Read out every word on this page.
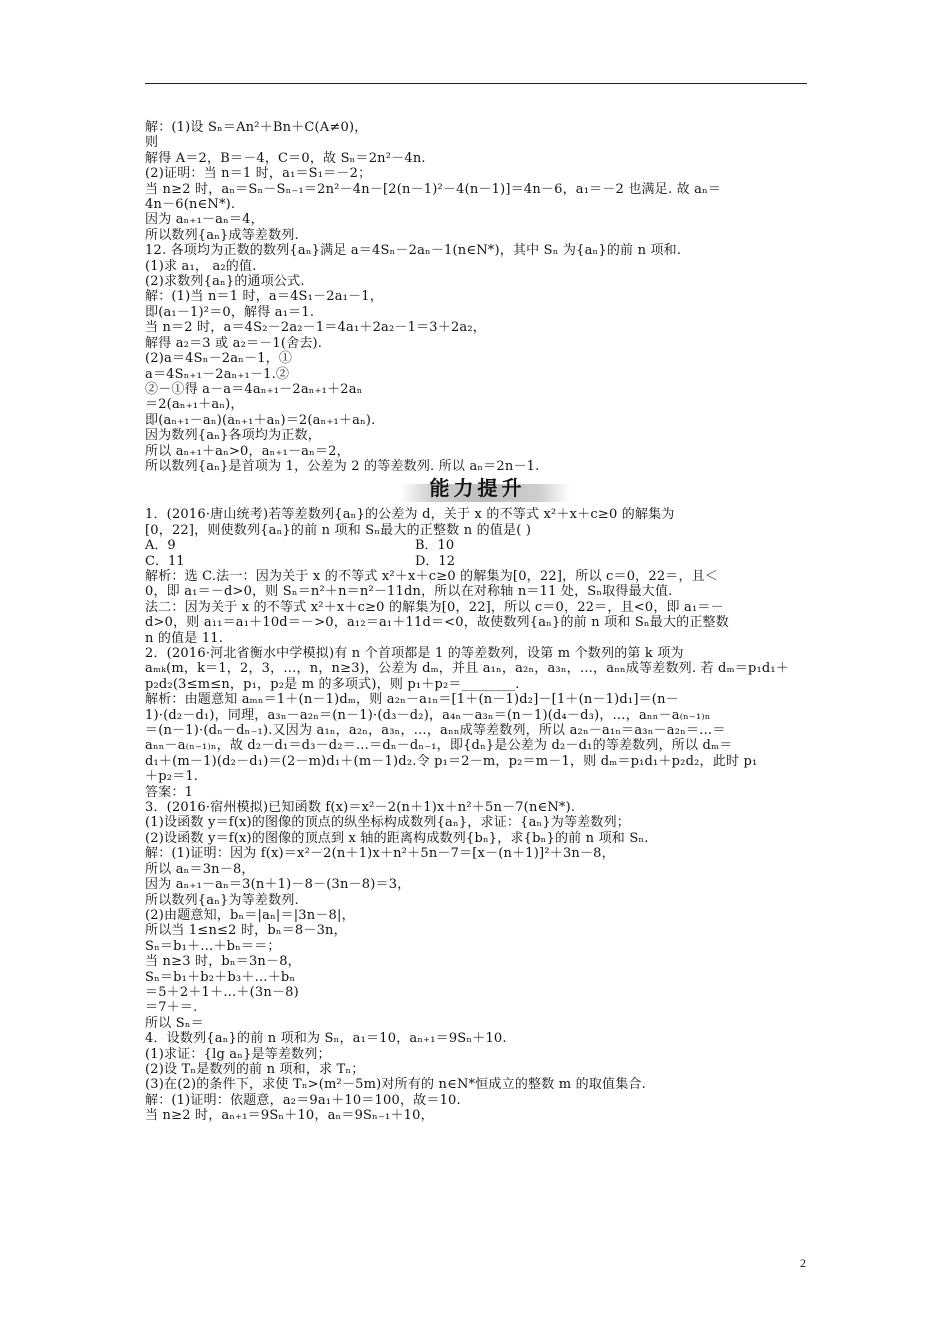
解：(1)设 Sₙ＝An²＋Bn＋C(A≠0)，
则
解得 A＝2，B＝－4，C＝0，故 Sₙ＝2n²－4n.
(2)证明：当 n＝1 时，a₁＝S₁＝－2；
当 n≥2 时，aₙ＝Sₙ－Sₙ₋₁＝2n²－4n－[2(n－1)²－4(n－1)]＝4n－6，a₁＝－2 也满足. 故 aₙ＝
4n－6(n∈N*).
因为 aₙ₊₁－aₙ＝4，
所以数列{aₙ}成等差数列.
12. 各项均为正数的数列{aₙ}满足 a＝4Sₙ－2aₙ－1(n∈N*)，其中 Sₙ 为{aₙ}的前 n 项和.
(1)求 a₁， a₂的值.
(2)求数列{aₙ}的通项公式.
解：(1)当 n＝1 时，a＝4S₁－2a₁－1，
即(a₁－1)²＝0，解得 a₁＝1.
当 n＝2 时，a＝4S₂－2a₂－1＝4a₁＋2a₂－1＝3＋2a₂，
解得 a₂＝3 或 a₂＝－1(舍去).
(2)a＝4Sₙ－2aₙ－1，①
a＝4Sₙ₊₁－2aₙ₊₁－1.②
②－①得 a－a＝4aₙ₊₁－2aₙ₊₁＋2aₙ
＝2(aₙ₊₁＋aₙ)，
即(aₙ₊₁－aₙ)(aₙ₊₁＋aₙ)＝2(aₙ₊₁＋aₙ).
因为数列{aₙ}各项均为正数，
所以 aₙ₊₁＋aₙ>0，aₙ₊₁－aₙ＝2，
所以数列{aₙ}是首项为 1，公差为 2 的等差数列. 所以 aₙ＝2n－1.
能力提升
1．(2016·唐山统考)若等差数列{aₙ}的公差为 d，关于 x 的不等式 x²＋x＋c≥0 的解集为
[0，22]，则使数列{aₙ}的前 n 项和 Sₙ最大的正整数 n 的值是( )
A．9	B．10
C．11	D．12
解析：选 C.法一：因为关于 x 的不等式 x²＋x＋c≥0 的解集为[0，22]，所以 c＝0，22＝，且＜
0，即 a₁＝－d>0，则 Sₙ＝n²＋n＝n²－11dn，所以在对称轴 n＝11 处，Sₙ取得最大值.
法二：因为关于 x 的不等式 x²＋x＋c≥0 的解集为[0，22]，所以 c＝0，22＝，且<0，即 a₁＝－
d>0，则 a₁₁＝a₁＋10d＝－>0，a₁₂＝a₁＋11d＝<0，故使数列{aₙ}的前 n 项和 Sₙ最大的正整数
n 的值是 11.
2．(2016·河北省衡水中学模拟)有 n 个首项都是 1 的等差数列，设第 m 个数列的第 k 项为
aₘₖ(m，k＝1，2，3，…，n，n≥3)，公差为 dₘ，并且 a₁ₙ，a₂ₙ，a₃ₙ，…，aₙₙ成等差数列. 若 dₘ＝p₁d₁＋
p₂d₂(3≤m≤n，p₁，p₂是 m 的多项式)，则 p₁＋p₂＝________.
解析：由题意知 aₘₙ＝1＋(n－1)dₘ，则 a₂ₙ－a₁ₙ＝[1＋(n－1)d₂]－[1＋(n－1)d₁]＝(n－
1)·(d₂－d₁)，同理，a₃ₙ－a₂ₙ＝(n－1)·(d₃－d₂)，a₄ₙ－a₃ₙ＝(n－1)(d₄－d₃)，…，aₙₙ－a₍ₙ₋₁₎ₙ
＝(n－1)·(dₙ－dₙ₋₁).又因为 a₁ₙ，a₂ₙ，a₃ₙ，…，aₙₙ成等差数列，所以 a₂ₙ－a₁ₙ＝a₃ₙ－a₂ₙ＝…＝
aₙₙ－a₍ₙ₋₁₎ₙ，故 d₂－d₁＝d₃－d₂＝…＝dₙ－dₙ₋₁，即{dₙ}是公差为 d₂－d₁的等差数列，所以 dₘ＝
d₁＋(m－1)(d₂－d₁)＝(2－m)d₁＋(m－1)d₂.令 p₁＝2－m，p₂＝m－1，则 dₘ＝p₁d₁＋p₂d₂，此时 p₁
＋p₂＝1.
答案：1
3．(2016·宿州模拟)已知函数 f(x)＝x²－2(n＋1)x＋n²＋5n－7(n∈N*).
(1)设函数 y＝f(x)的图像的顶点的纵坐标构成数列{aₙ}，求证：{aₙ}为等差数列；
(2)设函数 y＝f(x)的图像的顶点到 x 轴的距离构成数列{bₙ}，求{bₙ}的前 n 项和 Sₙ.
解：(1)证明：因为 f(x)＝x²－2(n＋1)x＋n²＋5n－7＝[x－(n＋1)]²＋3n－8，
所以 aₙ＝3n－8，
因为 aₙ₊₁－aₙ＝3(n＋1)－8－(3n－8)＝3，
所以数列{aₙ}为等差数列.
(2)由题意知，bₙ＝|aₙ|＝|3n－8|，
所以当 1≤n≤2 时，bₙ＝8－3n，
Sₙ＝b₁＋…＋bₙ＝＝；
当 n≥3 时，bₙ＝3n－8，
Sₙ＝b₁＋b₂＋b₃＋…＋bₙ
＝5＋2＋1＋…＋(3n－8)
＝7＋＝.
所以 Sₙ＝
4．设数列{aₙ}的前 n 项和为 Sₙ，a₁＝10，aₙ₊₁＝9Sₙ＋10.
(1)求证：{lg aₙ}是等差数列；
(2)设 Tₙ是数列的前 n 项和，求 Tₙ；
(3)在(2)的条件下，求使 Tₙ>(m²－5m)对所有的 n∈N*恒成立的整数 m 的取值集合.
解：(1)证明：依题意，a₂＝9a₁＋10＝100，故＝10.
当 n≥2 时，aₙ₊₁＝9Sₙ＋10，aₙ＝9Sₙ₋₁＋10，
2
